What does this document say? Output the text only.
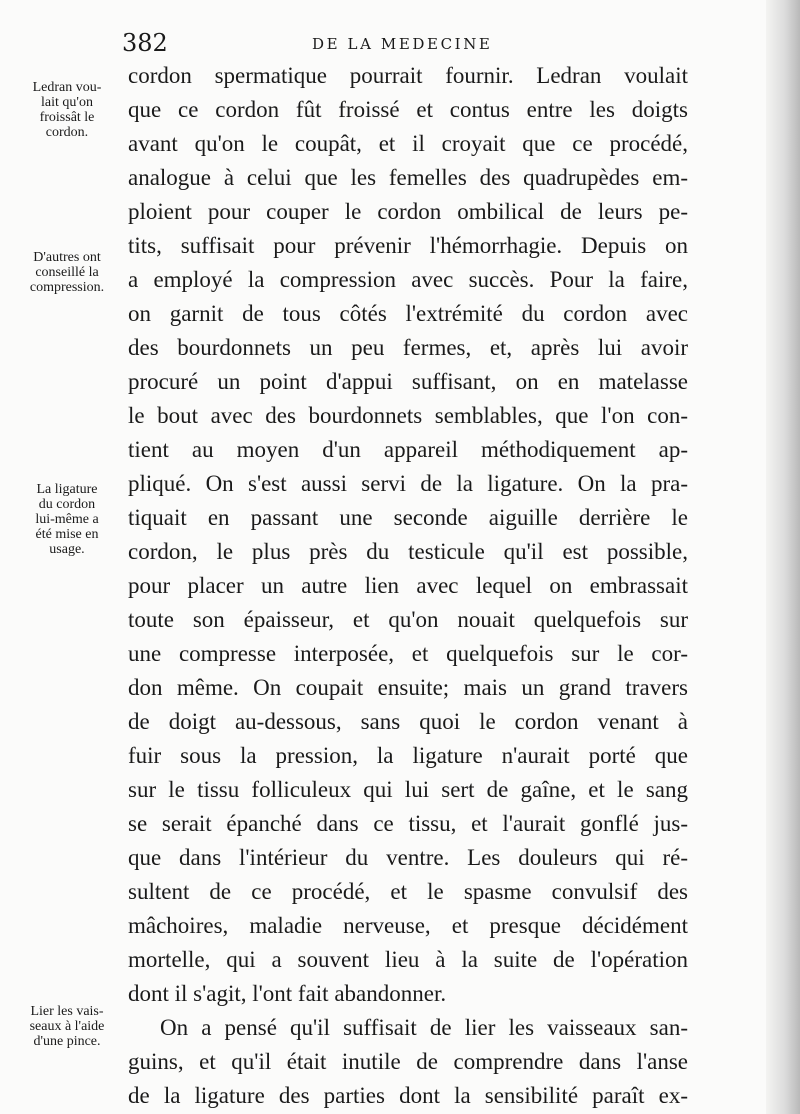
382	DE LA MEDECINE
cordon spermatique pourrait fournir. Ledran voulait
que ce cordon fût froissé et contus entre les doigts
avant qu'on le coupât, et il croyait que ce procédé,
analogue à celui que les femelles des quadrupèdes em-
ploient pour couper le cordon ombilical de leurs pe-
tits, suffisait pour prévenir l'hémorrhagie. Depuis on
a employé la compression avec succès. Pour la faire,
on garnit de tous côtés l'extrémité du cordon avec
des bourdonnets un peu fermes, et, après lui avoir
procuré un point d'appui suffisant, on en matelasse
le bout avec des bourdonnets semblables, que l'on con-
tient au moyen d'un appareil méthodiquement ap-
pliqué. On s'est aussi servi de la ligature. On la pra-
tiquait en passant une seconde aiguille derrière le
cordon, le plus près du testicule qu'il est possible,
pour placer un autre lien avec lequel on embrassait
toute son épaisseur, et qu'on nouait quelquefois sur
une compresse interposée, et quelquefois sur le cor-
don même. On coupait ensuite; mais un grand travers
de doigt au-dessous, sans quoi le cordon venant à
fuir sous la pression, la ligature n'aurait porté que
sur le tissu folliculeux qui lui sert de gaîne, et le sang
se serait épanché dans ce tissu, et l'aurait gonflé jus-
que dans l'intérieur du ventre. Les douleurs qui ré-
sultent de ce procédé, et le spasme convulsif des
mâchoires, maladie nerveuse, et presque décidément
mortelle, qui a souvent lieu à la suite de l'opération
dont il s'agit, l'ont fait abandonner.
On a pensé qu'il suffisait de lier les vaisseaux san-
guins, et qu'il était inutile de comprendre dans l'anse
de la ligature des parties dont la sensibilité paraît ex-
Ledran vou-
lait qu'on
froissât le
cordon.
D'autres ont
conseillé la
compression.
La ligature
du cordon
lui-même a
été mise en
usage.
Lier les vais-
seaux à l'aide
d'une pince.
